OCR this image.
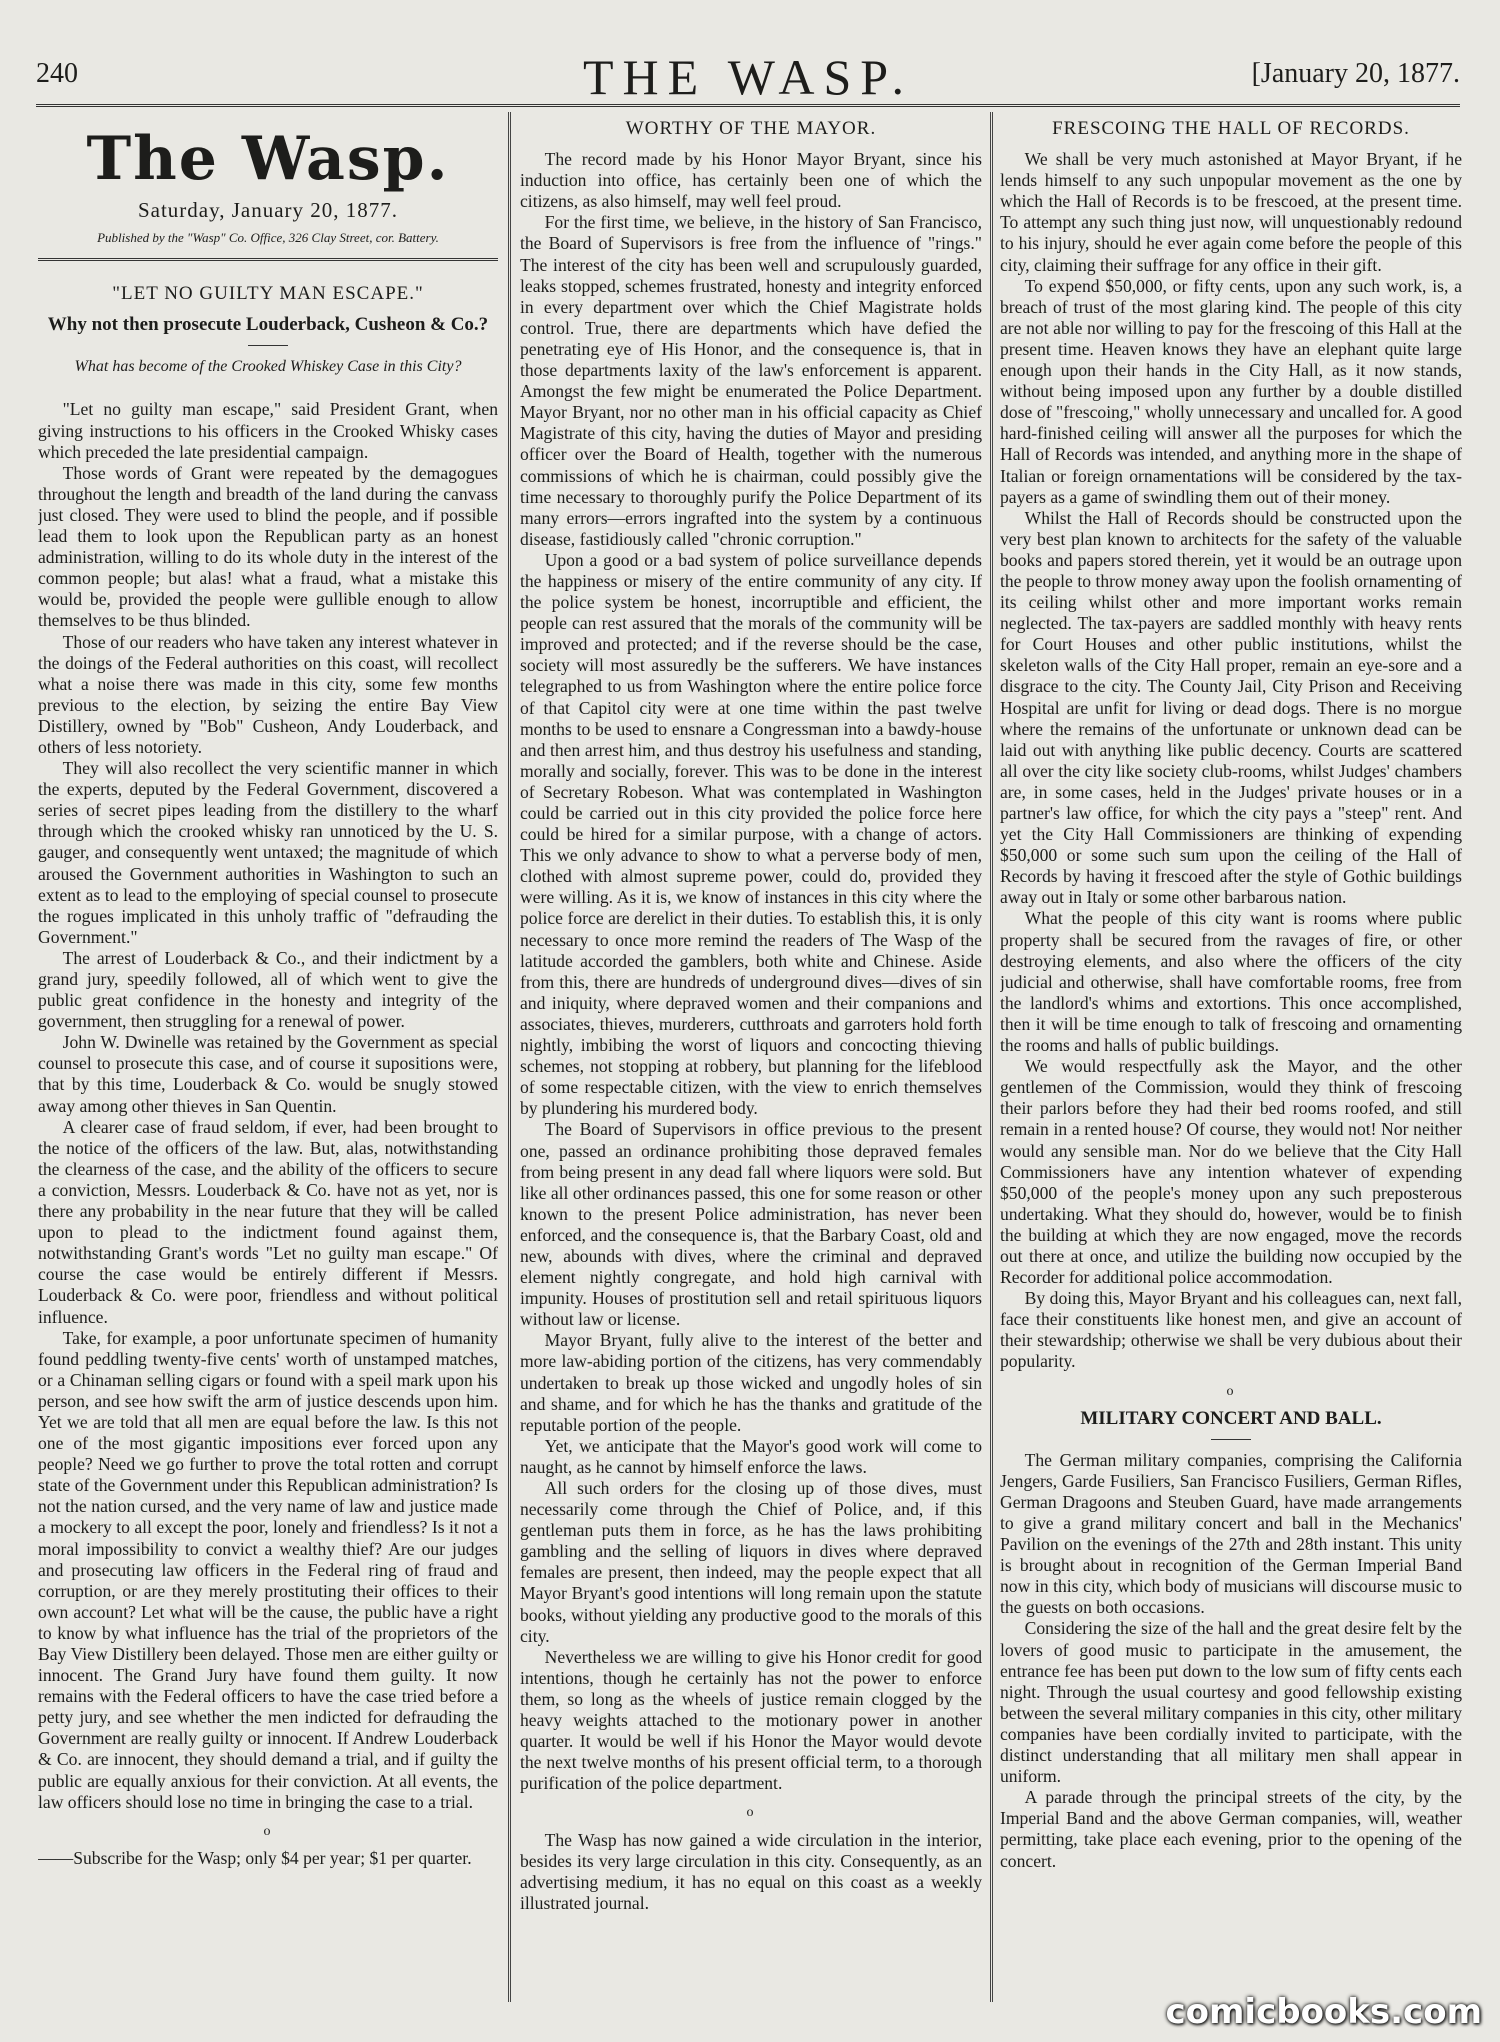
240	THE WASP.	[January 20, 1877.
The Wasp.
Saturday, January 20, 1877.
Published by the "Wasp" Co. Office, 326 Clay Street, cor. Battery.
"LET NO GUILTY MAN ESCAPE."
Why not then prosecute Louderback, Cusheon & Co.?
What has become of the Crooked Whiskey Case in this City?

"Let no guilty man escape," said President Grant, when giving instructions to his officers in the Crooked Whisky cases which preceded the late presidential campaign.

Those words of Grant were repeated by the demagogues throughout the length and breadth of the land during the canvass just closed. They were used to blind the people, and if possible lead them to look upon the Republican party as an honest administration, willing to do its whole duty in the interest of the common people; but alas! what a fraud, what a mistake this would be, provided the people were gullible enough to allow themselves to be thus blinded.

Those of our readers who have taken any interest whatever in the doings of the Federal authorities on this coast, will recollect what a noise there was made in this city, some few months previous to the election, by seizing the entire Bay View Distillery, owned by "Bob" Cusheon, Andy Louderback, and others of less notoriety.

They will also recollect the very scientific manner in which the experts, deputed by the Federal Government, discovered a series of secret pipes leading from the distillery to the wharf through which the crooked whisky ran unnoticed by the U. S. gauger, and consequently went untaxed; the magnitude of which aroused the Government authorities in Washington to such an extent as to lead to the employing of special counsel to prosecute the rogues implicated in this unholy traffic of "defrauding the Government."

The arrest of Louderback & Co., and their indictment by a grand jury, speedily followed, all of which went to give the public great confidence in the honesty and integrity of the government, then struggling for a renewal of power.

John W. Dwinelle was retained by the Government as special counsel to prosecute this case, and of course it supositions were, that by this time, Louderback & Co. would be snugly stowed away among other thieves in San Quentin.

A clearer case of fraud seldom, if ever, had been brought to the notice of the officers of the law. But, alas, notwithstanding the clearness of the case, and the ability of the officers to secure a conviction, Messrs. Louderback & Co. have not as yet, nor is there any probability in the near future that they will be called upon to plead to the indictment found against them, notwithstanding Grant's words "Let no guilty man escape." Of course the case would be entirely different if Messrs. Louderback & Co. were poor, friendless and without political influence.

Take, for example, a poor unfortunate specimen of humanity found peddling twenty-five cents' worth of unstamped matches, or a Chinaman selling cigars or found with a speil mark upon his person, and see how swift the arm of justice descends upon him. Yet we are told that all men are equal before the law. Is this not one of the most gigantic impositions ever forced upon any people? Need we go further to prove the total rotten and corrupt state of the Government under this Republican administration? Is not the nation cursed, and the very name of law and justice made a mockery to all except the poor, lonely and friendless? Is it not a moral impossibility to convict a wealthy thief? Are our judges and prosecuting law officers in the Federal ring of fraud and corruption, or are they merely prostituting their offices to their own account? Let what will be the cause, the public have a right to know by what influence has the trial of the proprietors of the Bay View Distillery been delayed. Those men are either guilty or innocent. The Grand Jury have found them guilty. It now remains with the Federal officers to have the case tried before a petty jury, and see whether the men indicted for defrauding the Government are really guilty or innocent. If Andrew Louderback & Co. are innocent, they should demand a trial, and if guilty the public are equally anxious for their conviction. At all events, the law officers should lose no time in bringing the case to a trial.

o

——Subscribe for the Wasp; only $4 per year; $1 per quarter.

WORTHY OF THE MAYOR.

The record made by his Honor Mayor Bryant, since his induction into office, has certainly been one of which the citizens, as also himself, may well feel proud.

For the first time, we believe, in the history of San Francisco, the Board of Supervisors is free from the influence of "rings." The interest of the city has been well and scrupulously guarded, leaks stopped, schemes frustrated, honesty and integrity enforced in every department over which the Chief Magistrate holds control. True, there are departments which have defied the penetrating eye of His Honor, and the consequence is, that in those departments laxity of the law's enforcement is apparent. Amongst the few might be enumerated the Police Department. Mayor Bryant, nor no other man in his official capacity as Chief Magistrate of this city, having the duties of Mayor and presiding officer over the Board of Health, together with the numerous commissions of which he is chairman, could possibly give the time necessary to thoroughly purify the Police Department of its many errors—errors ingrafted into the system by a continuous disease, fastidiously called "chronic corruption."

Upon a good or a bad system of police surveillance depends the happiness or misery of the entire community of any city. If the police system be honest, incorruptible and efficient, the people can rest assured that the morals of the community will be improved and protected; and if the reverse should be the case, society will most assuredly be the sufferers. We have instances telegraphed to us from Washington where the entire police force of that Capitol city were at one time within the past twelve months to be used to ensnare a Congressman into a bawdy-house and then arrest him, and thus destroy his usefulness and standing, morally and socially, forever. This was to be done in the interest of Secretary Robeson. What was contemplated in Washington could be carried out in this city provided the police force here could be hired for a similar purpose, with a change of actors. This we only advance to show to what a perverse body of men, clothed with almost supreme power, could do, provided they were willing. As it is, we know of instances in this city where the police force are derelict in their duties. To establish this, it is only necessary to once more remind the readers of The Wasp of the latitude accorded the gamblers, both white and Chinese. Aside from this, there are hundreds of underground dives—dives of sin and iniquity, where depraved women and their companions and associates, thieves, murderers, cutthroats and garroters hold forth nightly, imbibing the worst of liquors and concocting thieving schemes, not stopping at robbery, but planning for the lifeblood of some respectable citizen, with the view to enrich themselves by plundering his murdered body.

The Board of Supervisors in office previous to the present one, passed an ordinance prohibiting those depraved females from being present in any dead fall where liquors were sold. But like all other ordinances passed, this one for some reason or other known to the present Police administration, has never been enforced, and the consequence is, that the Barbary Coast, old and new, abounds with dives, where the criminal and depraved element nightly congregate, and hold high carnival with impunity. Houses of prostitution sell and retail spirituous liquors without law or license.

Mayor Bryant, fully alive to the interest of the better and more law-abiding portion of the citizens, has very commendably undertaken to break up those wicked and ungodly holes of sin and shame, and for which he has the thanks and gratitude of the reputable portion of the people.

Yet, we anticipate that the Mayor's good work will come to naught, as he cannot by himself enforce the laws.

All such orders for the closing up of those dives, must necessarily come through the Chief of Police, and, if this gentleman puts them in force, as he has the laws prohibiting gambling and the selling of liquors in dives where depraved females are present, then indeed, may the people expect that all Mayor Bryant's good intentions will long remain upon the statute books, without yielding any productive good to the morals of this city.

Nevertheless we are willing to give his Honor credit for good intentions, though he certainly has not the power to enforce them, so long as the wheels of justice remain clogged by the heavy weights attached to the motionary power in another quarter. It would be well if his Honor the Mayor would devote the next twelve months of his present official term, to a thorough purification of the police department.

o

The Wasp has now gained a wide circulation in the interior, besides its very large circulation in this city. Consequently, as an advertising medium, it has no equal on this coast as a weekly illustrated journal.

FRESCOING THE HALL OF RECORDS.

We shall be very much astonished at Mayor Bryant, if he lends himself to any such unpopular movement as the one by which the Hall of Records is to be frescoed, at the present time. To attempt any such thing just now, will unquestionably redound to his injury, should he ever again come before the people of this city, claiming their suffrage for any office in their gift.

To expend $50,000, or fifty cents, upon any such work, is, a breach of trust of the most glaring kind. The people of this city are not able nor willing to pay for the frescoing of this Hall at the present time. Heaven knows they have an elephant quite large enough upon their hands in the City Hall, as it now stands, without being imposed upon any further by a double distilled dose of "frescoing," wholly unnecessary and uncalled for. A good hard-finished ceiling will answer all the purposes for which the Hall of Records was intended, and anything more in the shape of Italian or foreign ornamentations will be considered by the tax-payers as a game of swindling them out of their money.

Whilst the Hall of Records should be constructed upon the very best plan known to architects for the safety of the valuable books and papers stored therein, yet it would be an outrage upon the people to throw money away upon the foolish ornamenting of its ceiling whilst other and more important works remain neglected. The tax-payers are saddled monthly with heavy rents for Court Houses and other public institutions, whilst the skeleton walls of the City Hall proper, remain an eye-sore and a disgrace to the city. The County Jail, City Prison and Receiving Hospital are unfit for living or dead dogs. There is no morgue where the remains of the unfortunate or unknown dead can be laid out with anything like public decency. Courts are scattered all over the city like society club-rooms, whilst Judges' chambers are, in some cases, held in the Judges' private houses or in a partner's law office, for which the city pays a "steep" rent. And yet the City Hall Commissioners are thinking of expending $50,000 or some such sum upon the ceiling of the Hall of Records by having it frescoed after the style of Gothic buildings away out in Italy or some other barbarous nation.

What the people of this city want is rooms where public property shall be secured from the ravages of fire, or other destroying elements, and also where the officers of the city judicial and otherwise, shall have comfortable rooms, free from the landlord's whims and extortions. This once accomplished, then it will be time enough to talk of frescoing and ornamenting the rooms and halls of public buildings.

We would respectfully ask the Mayor, and the other gentlemen of the Commission, would they think of frescoing their parlors before they had their bed rooms roofed, and still remain in a rented house? Of course, they would not! Nor neither would any sensible man. Nor do we believe that the City Hall Commissioners have any intention whatever of expending $50,000 of the people's money upon any such preposterous undertaking. What they should do, however, would be to finish the building at which they are now engaged, move the records out there at once, and utilize the building now occupied by the Recorder for additional police accommodation.

By doing this, Mayor Bryant and his colleagues can, next fall, face their constituents like honest men, and give an account of their stewardship; otherwise we shall be very dubious about their popularity.

o
MILITARY CONCERT AND BALL.

The German military companies, comprising the California Jengers, Garde Fusiliers, San Francisco Fusiliers, German Rifles, German Dragoons and Steuben Guard, have made arrangements to give a grand military concert and ball in the Mechanics' Pavilion on the evenings of the 27th and 28th instant. This unity is brought about in recognition of the German Imperial Band now in this city, which body of musicians will discourse music to the guests on both occasions.

Considering the size of the hall and the great desire felt by the lovers of good music to participate in the amusement, the entrance fee has been put down to the low sum of fifty cents each night. Through the usual courtesy and good fellowship existing between the several military companies in this city, other military companies have been cordially invited to participate, with the distinct understanding that all military men shall appear in uniform.

A parade through the principal streets of the city, by the Imperial Band and the above German companies, will, weather permitting, take place each evening, prior to the opening of the concert.

comicbooks.com
